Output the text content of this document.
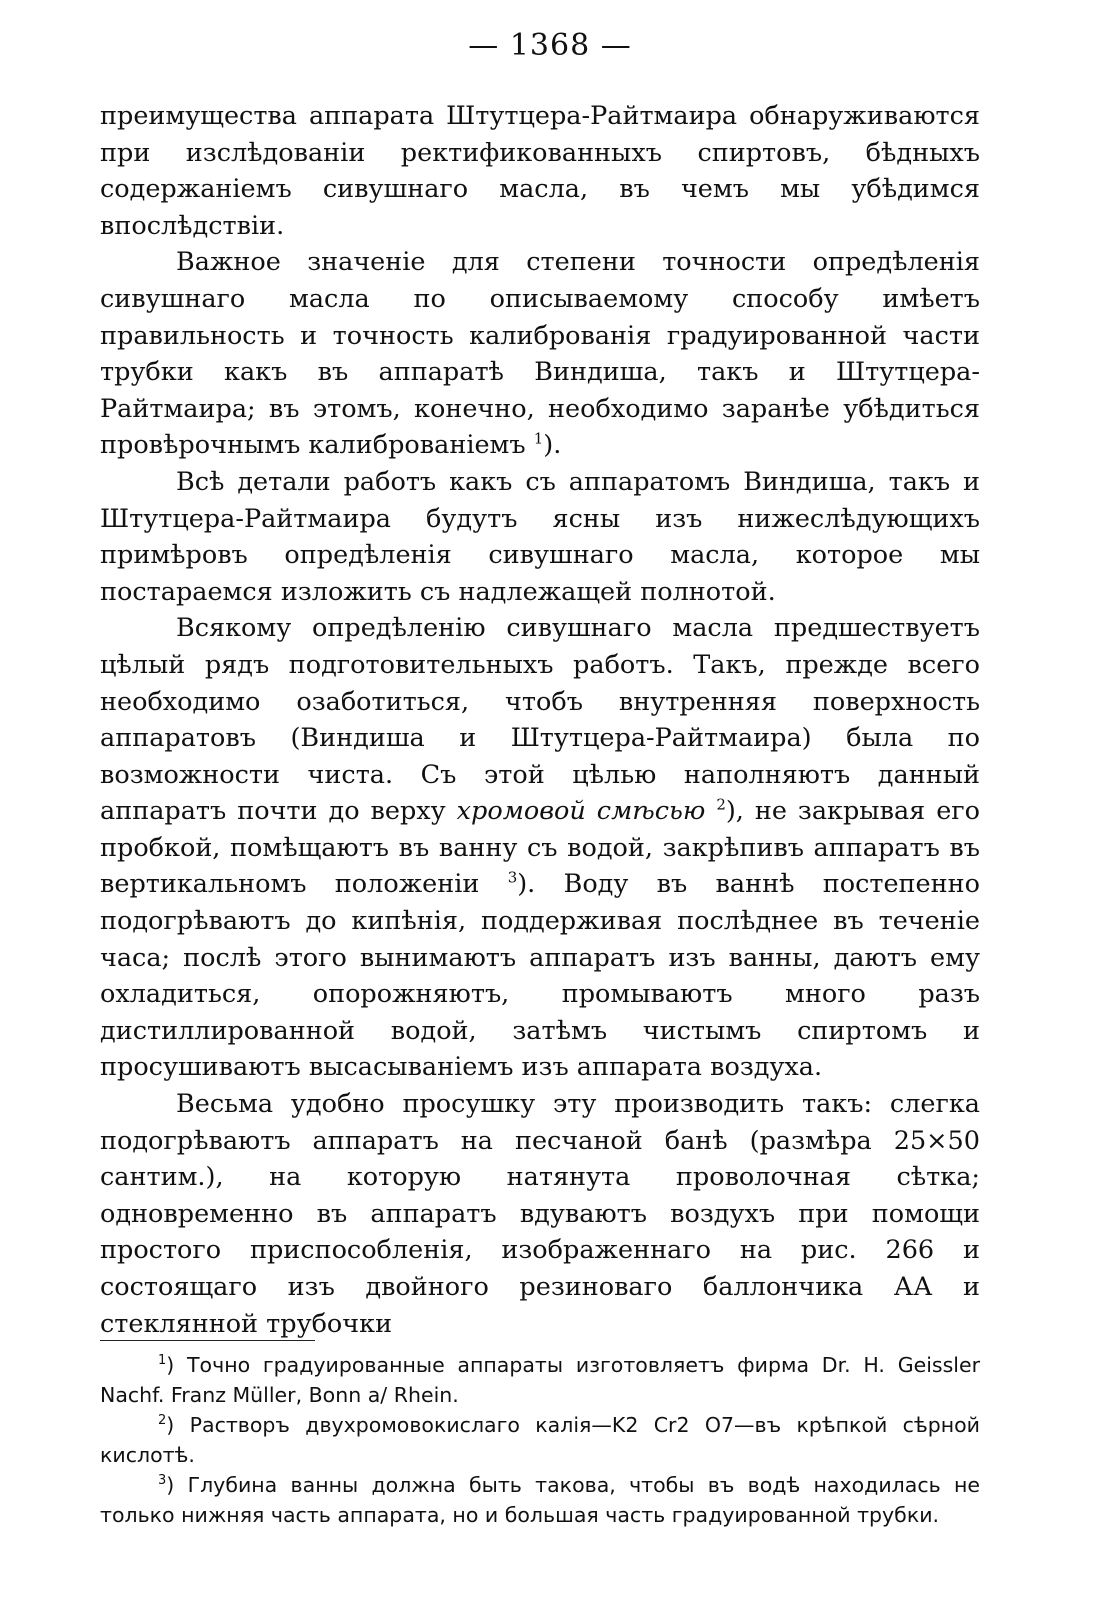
— 1368 —

преимущества аппарата Штутцера-Райтмаира обнаруживаются при изслѣдованіи ректификованныхъ спиртовъ, бѣдныхъ содержаніемъ сивушнаго масла, въ чемъ мы убѣдимся впослѣдствіи.

Важное значеніе для степени точности опредѣленія сивушнаго масла по описываемому способу имѣетъ правильность и точность калиброванія градуированной части трубки какъ въ аппаратѣ Виндиша, такъ и Штутцера-Райтмаира; въ этомъ, конечно, необходимо заранѣе убѣдиться провѣрочнымъ калиброваніемъ $^1$).

Всѣ детали работъ какъ съ аппаратомъ Виндиша, такъ и Штутцера-Райтмаира будутъ ясны изъ нижеслѣдующихъ примѣровъ опредѣленія сивушнаго масла, которое мы постараемся изложить съ надлежащей полнотой.

Всякому опредѣленію сивушнаго масла предшествуетъ цѣлый рядъ подготовительныхъ работъ. Такъ, прежде всего необходимо озаботиться, чтобъ внутренняя поверхность аппаратовъ (Виндиша и Штутцера-Райтмаира) была по возможности чиста. Съ этой цѣлью наполняютъ данный аппаратъ почти до верху хромовой смѣсью $^2$), не закрывая его пробкой, помѣщаютъ въ ванну съ водой, закрѣпивъ аппаратъ въ вертикальномъ положеніи $^3$). Воду въ ваннѣ постепенно подогрѣваютъ до кипѣнія, поддерживая послѣднее въ теченіе часа; послѣ этого вынимаютъ аппаратъ изъ ванны, даютъ ему охладиться, опорожняютъ, промываютъ много разъ дистиллированной водой, затѣмъ чистымъ спиртомъ и просушиваютъ высасываніемъ изъ аппарата воздуха.

Весьма удобно просушку эту производить такъ: слегка подогрѣваютъ аппаратъ на песчаной банѣ (размѣра 25×50 сантим.), на которую натянута проволочная сѣтка; одновременно въ аппаратъ вдуваютъ воздухъ при помощи простого приспособленія, изображеннаго на рис. 266 и состоящаго изъ двойного резиноваго баллончика АА и стеклянной трубочки

$^1$) Точно градуированные аппараты изготовляетъ фирма Dr. H. Geissler Nachf. Franz Müller, Bonn a/ Rhein.

$^2$) Растворъ двухромовокислаго калія—K2 Cr2 O7—въ крѣпкой сѣрной кислотѣ.

$^3$) Глубина ванны должна быть такова, чтобы въ водѣ находилась не только нижняя часть аппарата, но и большая часть градуированной трубки.
